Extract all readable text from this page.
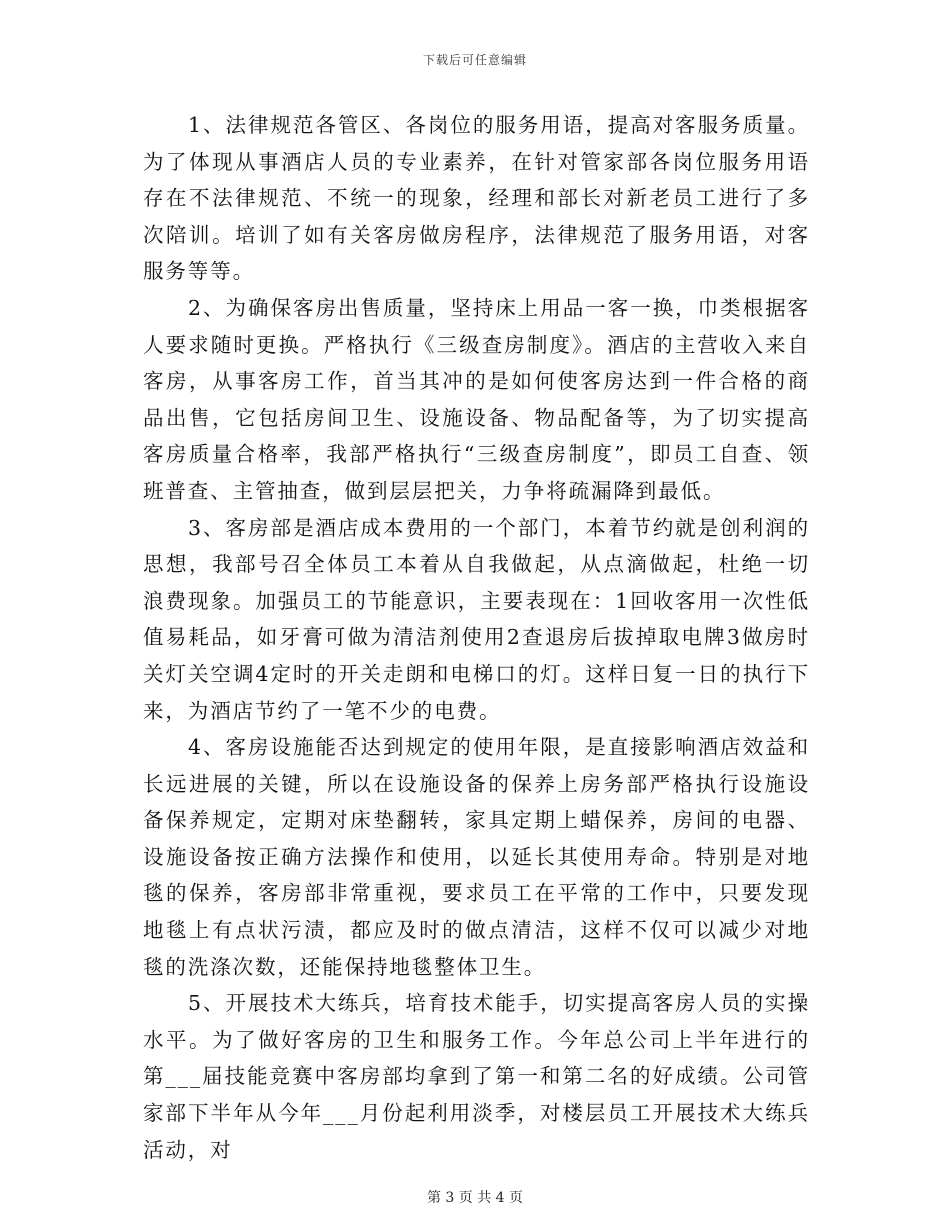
下载后可任意编辑

1、法律规范各管区、各岗位的服务用语，提高对客服务质量。为了体现从事酒店人员的专业素养，在针对管家部各岗位服务用语存在不法律规范、不统一的现象，经理和部长对新老员工进行了多次陪训。培训了如有关客房做房程序，法律规范了服务用语，对客服务等等。

2、为确保客房出售质量，坚持床上用品一客一换，巾类根据客人要求随时更换。严格执行《三级查房制度》。酒店的主营收入来自客房，从事客房工作，首当其冲的是如何使客房达到一件合格的商品出售，它包括房间卫生、设施设备、物品配备等，为了切实提高客房质量合格率，我部严格执行“三级查房制度”，即员工自查、领班普查、主管抽查，做到层层把关，力争将疏漏降到最低。

3、客房部是酒店成本费用的一个部门，本着节约就是创利润的思想，我部号召全体员工本着从自我做起，从点滴做起，杜绝一切浪费现象。加强员工的节能意识，主要表现在：1回收客用一次性低值易耗品，如牙膏可做为清洁剂使用2查退房后拔掉取电牌3做房时关灯关空调4定时的开关走朗和电梯口的灯。这样日复一日的执行下来，为酒店节约了一笔不少的电费。

4、客房设施能否达到规定的使用年限，是直接影响酒店效益和长远进展的关键，所以在设施设备的保养上房务部严格执行设施设备保养规定，定期对床垫翻转，家具定期上蜡保养，房间的电器、设施设备按正确方法操作和使用，以延长其使用寿命。特别是对地毯的保养，客房部非常重视，要求员工在平常的工作中，只要发现地毯上有点状污渍，都应及时的做点清洁，这样不仅可以减少对地毯的洗涤次数，还能保持地毯整体卫生。

5、开展技术大练兵，培育技术能手，切实提高客房人员的实操水平。为了做好客房的卫生和服务工作。今年总公司上半年进行的第___届技能竞赛中客房部均拿到了第一和第二名的好成绩。公司管家部下半年从今年___月份起利用淡季，对楼层员工开展技术大练兵活动，对

第 3 页 共 4 页
